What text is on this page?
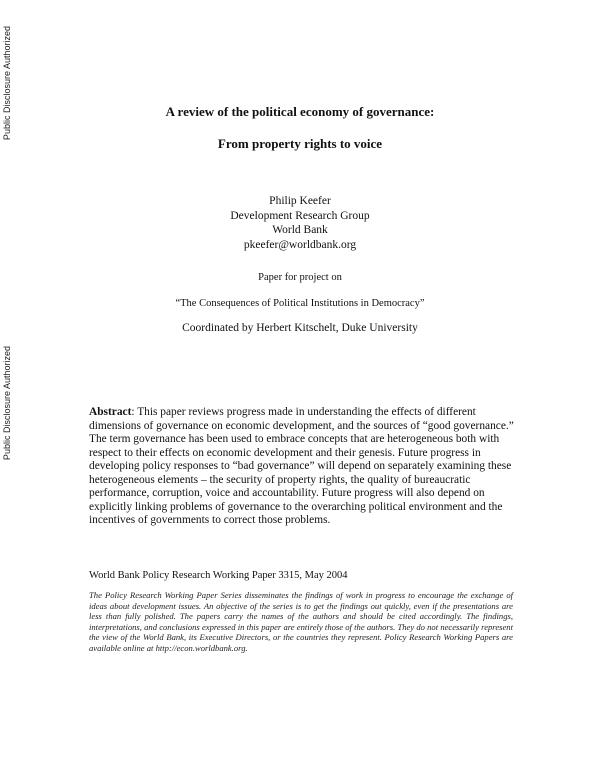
Public Disclosure Authorized
Public Disclosure Authorized
A review of the political economy of governance:
From property rights to voice
Philip Keefer
Development Research Group
World Bank
pkeefer@worldbank.org
Paper for project on
“The Consequences of Political Institutions in Democracy”
Coordinated by Herbert Kitschelt, Duke University
Abstract: This paper reviews progress made in understanding the effects of different dimensions of governance on economic development, and the sources of “good governance.” The term governance has been used to embrace concepts that are heterogeneous both with respect to their effects on economic development and their genesis. Future progress in developing policy responses to “bad governance” will depend on separately examining these heterogeneous elements – the security of property rights, the quality of bureaucratic performance, corruption, voice and accountability. Future progress will also depend on explicitly linking problems of governance to the overarching political environment and the incentives of governments to correct those problems.
World Bank Policy Research Working Paper 3315, May 2004
The Policy Research Working Paper Series disseminates the findings of work in progress to encourage the exchange of ideas about development issues. An objective of the series is to get the findings out quickly, even if the presentations are less than fully polished. The papers carry the names of the authors and should be cited accordingly. The findings, interpretations, and conclusions expressed in this paper are entirely those of the authors. They do not necessarily represent the view of the World Bank, its Executive Directors, or the countries they represent. Policy Research Working Papers are available online at http://econ.worldbank.org.
